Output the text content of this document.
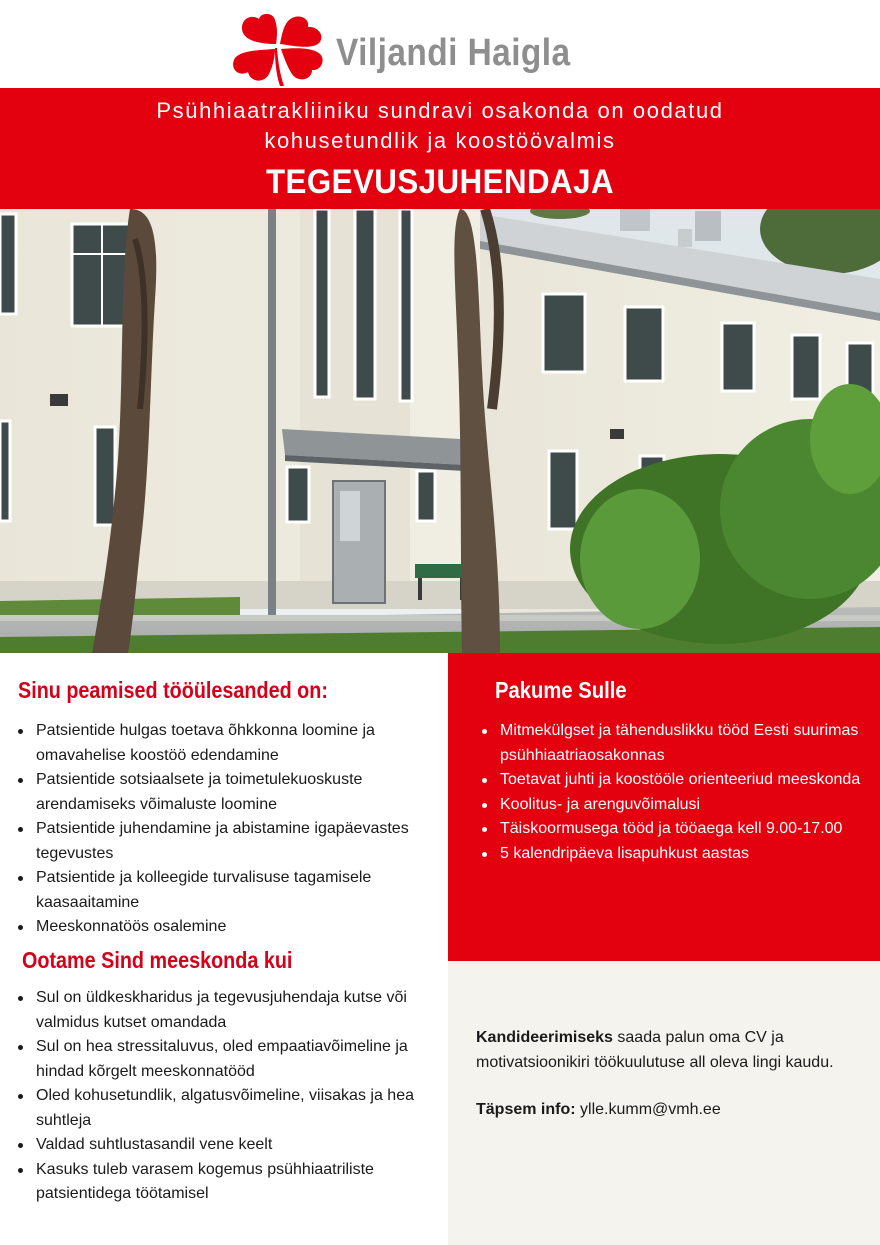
Viljandi Haigla
Psühhiaatrakliiniku sundravi osakonda on oodatud
kohusetundlik ja koostöövalmis
TEGEVUSJUHENDAJA
Sinu peamised tööülesanded on:
Patsientide hulgas toetava õhkkonna loomine ja omavahelise koostöö edendamine
Patsientide sotsiaalsete ja toimetulekuoskuste arendamiseks võimaluste loomine
Patsientide juhendamine ja abistamine igapäevastes tegevustes
Patsientide ja kolleegide turvalisuse tagamisele kaasaaitamine
Meeskonnatöös osalemine
Ootame Sind meeskonda kui
Sul on üldkeskharidus ja tegevusjuhendaja kutse või valmidus kutset omandada
Sul on hea stressitaluvus, oled empaatiavõimeline ja hindad kõrgelt meeskonnatööd
Oled kohusetundlik, algatusvõimeline, viisakas ja hea suhtleja
Valdad suhtlustasandil vene keelt
Kasuks tuleb varasem kogemus psühhiaatriliste patsientidega töötamisel
Pakume Sulle
Mitmekülgset ja tähenduslikku tööd Eesti suurimas psühhiaatriaosakonnas
Toetavat juhti ja koostööle orienteeriud meeskonda
Koolitus- ja arenguvõimalusi
Täiskoormusega tööd ja tööaega kell 9.00-17.00
5 kalendripäeva lisapuhkust aastas

Kandideerimiseks saada palun oma CV ja motivatsioonikiri töökuulutuse all oleva lingi kaudu.

Täpsem info: ylle.kumm@vmh.ee
